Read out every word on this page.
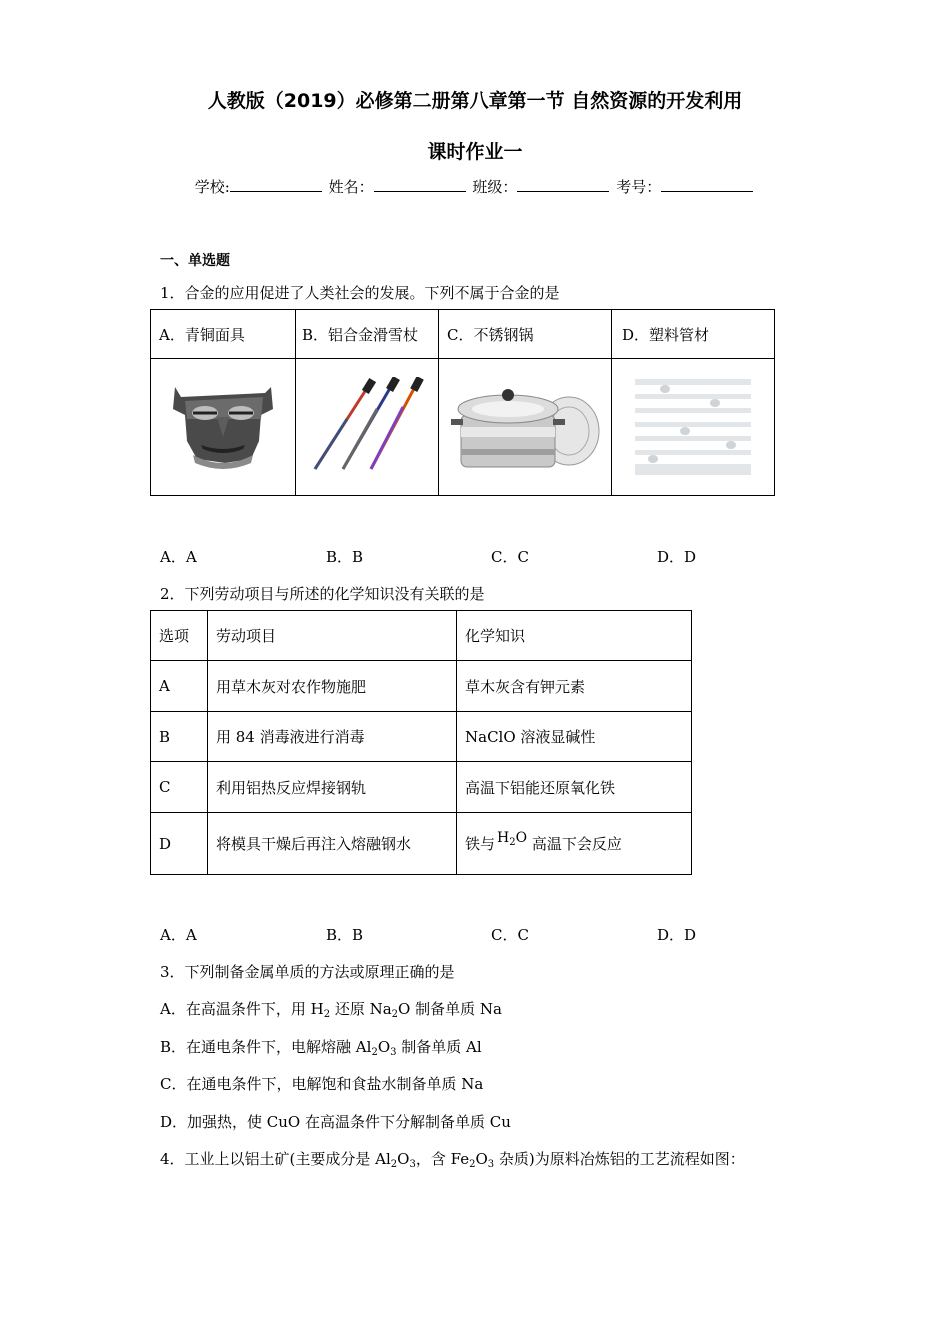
人教版（2019）必修第二册第八章第一节 自然资源的开发利用
课时作业一
学校:	姓名：	班级：	考号：
一、单选题
1．合金的应用促进了人类社会的发展。下列不属于合金的是
A．青铜面具	B．铝合金滑雪杖	C．不锈钢锅	D．塑料管材

A．A	B．B	C．C	D．D
2．下列劳动项目与所述的化学知识没有关联的是
选项	劳动项目	化学知识
A	用草木灰对农作物施肥	草木灰含有钾元素
B	用 84 消毒液进行消毒	NaClO 溶液显碱性
C	利用铝热反应焊接钢轨	高温下铝能还原氧化铁
D	将模具干燥后再注入熔融钢水	铁与 $H_2O$ 高温下会反应
A．A	B．B	C．C	D．D
3．下列制备金属单质的方法或原理正确的是
A．在高温条件下，用 $H_2$ 还原 $Na_2O$ 制备单质 Na
B．在通电条件下，电解熔融 $Al_2O_3$ 制备单质 Al
C．在通电条件下，电解饱和食盐水制备单质 Na
D．加强热，使 CuO 在高温条件下分解制备单质 Cu
4．工业上以铝土矿(主要成分是 $Al_2O_3$，含 $Fe_2O_3$ 杂质)为原料冶炼铝的工艺流程如图：
